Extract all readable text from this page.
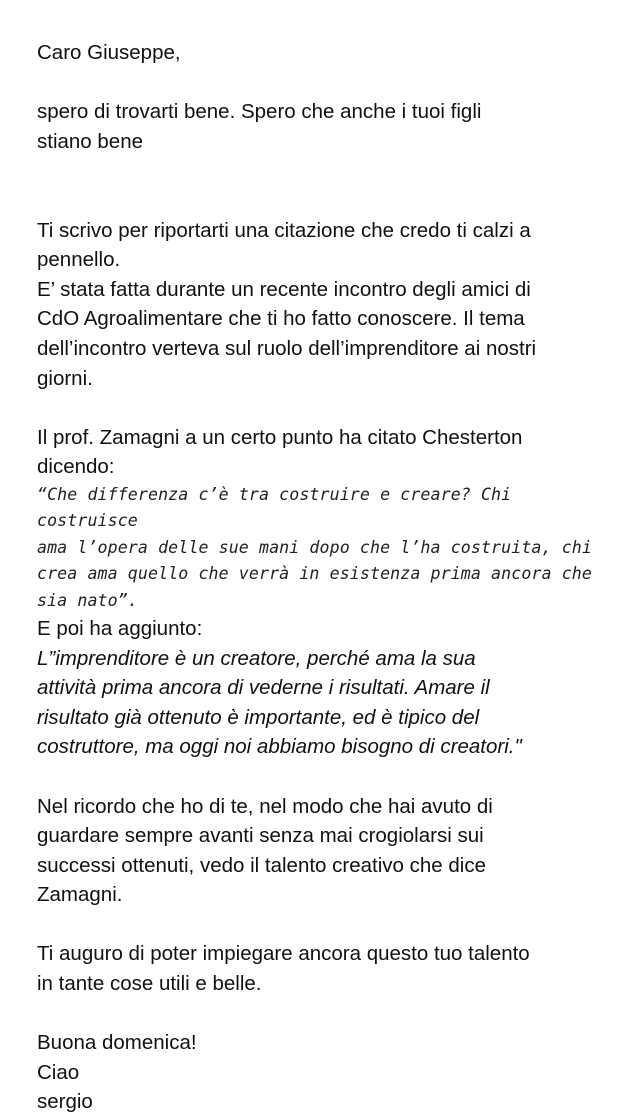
Caro Giuseppe,

spero di trovarti bene. Spero che anche i tuoi figli
stiano bene

Ti scrivo per riportarti una citazione che credo ti calzi a
pennello.
E’ stata fatta durante un recente incontro degli amici di
CdO Agroalimentare che ti ho fatto conoscere. Il tema
dell’incontro verteva sul ruolo dell’imprenditore ai nostri
giorni.

Il prof. Zamagni a un certo punto ha citato Chesterton
dicendo:

“Che differenza c’è tra costruire e creare? Chi costruisce
ama l’opera delle sue mani dopo che l’ha costruita, chi
crea ama quello che verrà in esistenza prima ancora che
sia nato”.

E poi ha aggiunto:

L”imprenditore è un creatore, perché ama la sua
attività prima ancora di vederne i risultati. Amare il
risultato già ottenuto è importante, ed è tipico del
costruttore, ma oggi noi abbiamo bisogno di creatori."

Nel ricordo che ho di te, nel modo che hai avuto di
guardare sempre avanti senza mai crogiolarsi sui
successi ottenuti, vedo il talento creativo che dice
Zamagni.

Ti auguro di poter impiegare ancora questo tuo talento
in tante cose utili e belle.

Buona domenica!
Ciao
sergio
